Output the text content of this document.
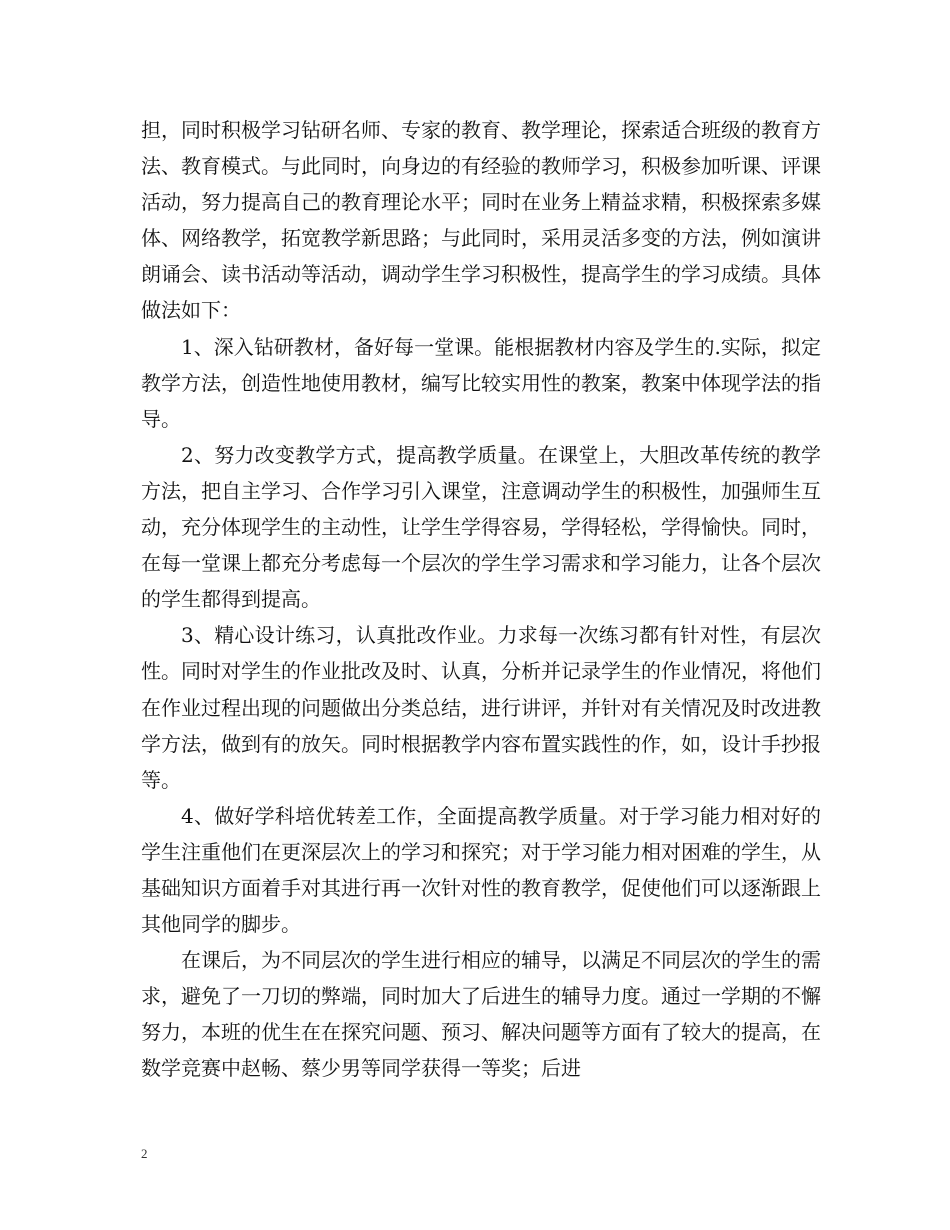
担，同时积极学习钻研名师、专家的教育、教学理论，探索适合班级的教育方法、教育模式。与此同时，向身边的有经验的教师学习，积极参加听课、评课活动，努力提高自己的教育理论水平；同时在业务上精益求精，积极探索多媒体、网络教学，拓宽教学新思路；与此同时，采用灵活多变的方法，例如演讲朗诵会、读书活动等活动，调动学生学习积极性，提高学生的学习成绩。具体做法如下：

1、深入钻研教材，备好每一堂课。能根据教材内容及学生的.实际，拟定教学方法，创造性地使用教材，编写比较实用性的教案，教案中体现学法的指导。

2、努力改变教学方式，提高教学质量。在课堂上，大胆改革传统的教学方法，把自主学习、合作学习引入课堂，注意调动学生的积极性，加强师生互动，充分体现学生的主动性，让学生学得容易，学得轻松，学得愉快。同时，在每一堂课上都充分考虑每一个层次的学生学习需求和学习能力，让各个层次的学生都得到提高。

3、精心设计练习，认真批改作业。力求每一次练习都有针对性，有层次性。同时对学生的作业批改及时、认真，分析并记录学生的作业情况，将他们在作业过程出现的问题做出分类总结，进行讲评，并针对有关情况及时改进教学方法，做到有的放矢。同时根据教学内容布置实践性的作，如，设计手抄报等。

4、做好学科培优转差工作，全面提高教学质量。对于学习能力相对好的学生注重他们在更深层次上的学习和探究；对于学习能力相对困难的学生，从基础知识方面着手对其进行再一次针对性的教育教学，促使他们可以逐渐跟上其他同学的脚步。

在课后，为不同层次的学生进行相应的辅导，以满足不同层次的学生的需求，避免了一刀切的弊端，同时加大了后进生的辅导力度。通过一学期的不懈努力，本班的优生在在探究问题、预习、解决问题等方面有了较大的提高，在数学竞赛中赵畅、蔡少男等同学获得一等奖；后进

2
